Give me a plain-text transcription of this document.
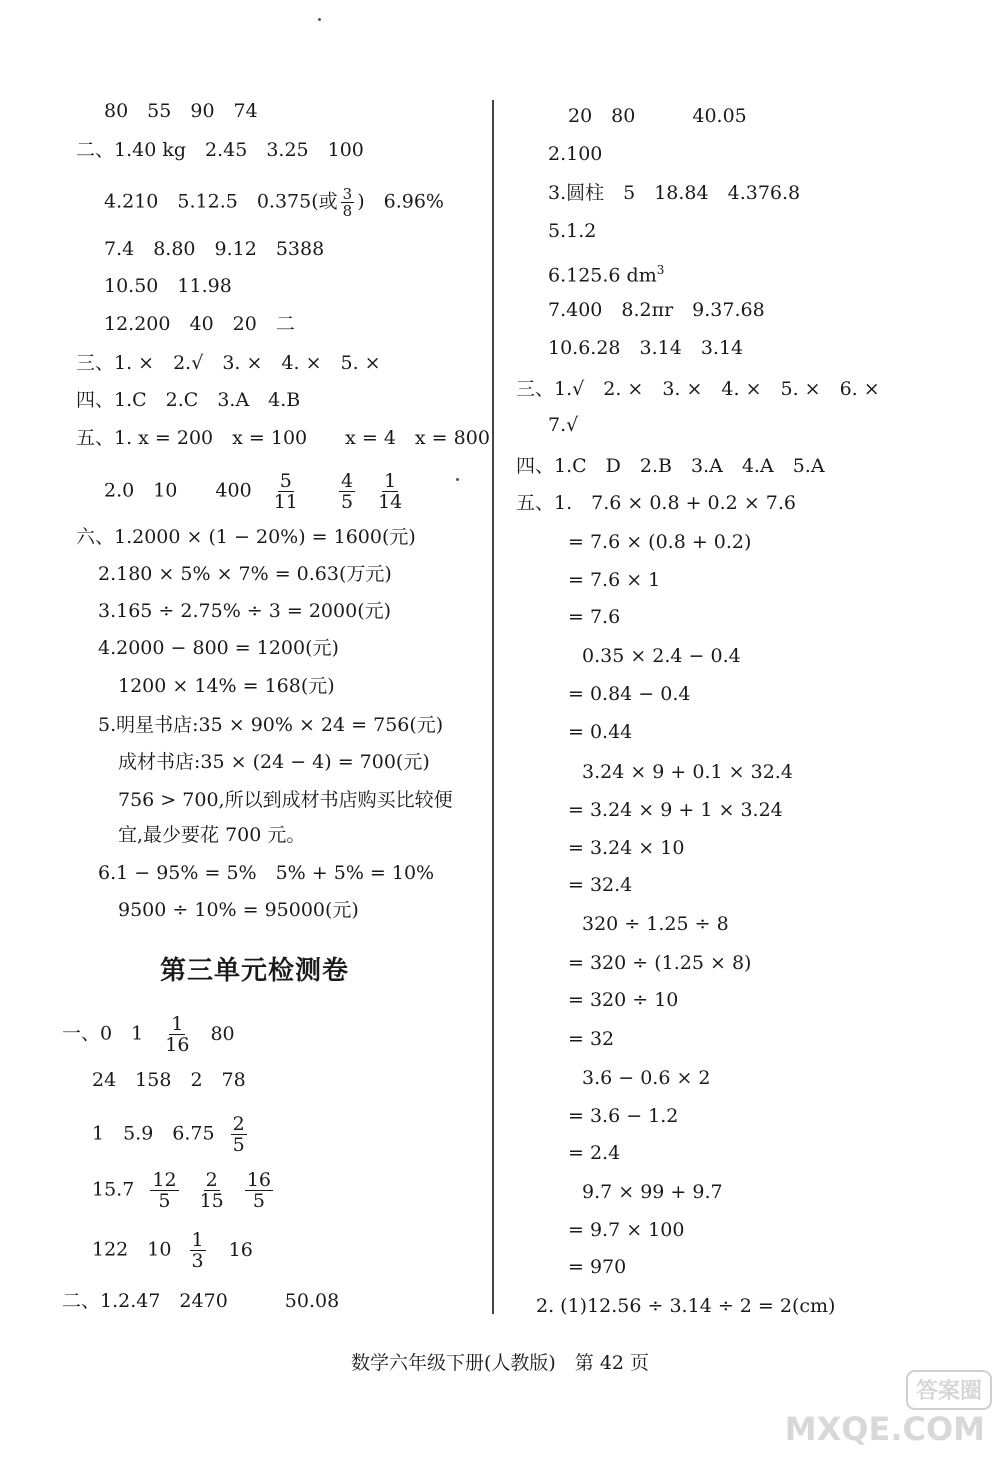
80　55　90　74
二、1.40 kg　2.45　3.25　100
4.210　5.12.5　0.375(或 $\frac{3}{8}$ )　6.96%
7.4　8.80　9.12　5388
10.50　11.98
12.200　40　20　二
三、1. ×　2.√　3. ×　4. ×　5. ×
四、1.C　2.C　3.A　4.B
五、1. x = 200　x = 100　　x = 4　x = 800
2.0　10　　$400 \frac{5}{11}$
$\frac{4}{5}$
$\frac{1}{14}$
六、1.2000 × (1 − 20%) = 1600(元)
2.180 × 5% × 7% = 0.63(万元)
3.165 ÷ 2.75% ÷ 3 = 2000(元)
4.2000 − 800 = 1200(元)
1200 × 14% = 168(元)
5.明星书店:35 × 90% × 24 = 756(元)
成材书店:35 × (24 − 4) = 700(元)
756 > 700,所以到成材书店购买比较便
宜,最少要花 700 元。
6.1 − 95% = 5%　5% + 5% = 10%
9500 ÷ 10% = 95000(元)
第三单元检测卷
一、0　$1 \frac{1}{16} 80$
24　158　2　78
1　5.9　$6.75 \frac{2}{5}$
$15.7 \frac{12}{5}$
$\frac{2}{15}$
$\frac{16}{5}$
122　$10 \frac{1}{3} 16$
二、1.2.47　2470　　　50.08
20　80　　　40.05
2.100
3.圆柱　5　18.84　4.376.8
5.1.2
6.125.6 $dm^3$
7.400　8.2πr　9.37.68
10.6.28　3.14　3.14
三、1.√　2. ×　3. ×　4. ×　5. ×　6. ×
7.√
四、1.C　D　2.B　3.A　4.A　5.A
五、1.　7.6 × 0.8 + 0.2 × 7.6
= 7.6 × (0.8 + 0.2)
= 7.6 × 1
= 7.6
0.35 × 2.4 − 0.4
= 0.84 − 0.4
= 0.44
3.24 × 9 + 0.1 × 32.4
= 3.24 × 9 + 1 × 3.24
= 3.24 × 10
= 32.4
320 ÷ 1.25 ÷ 8
= 320 ÷ (1.25 × 8)
= 320 ÷ 10
= 32
3.6 − 0.6 × 2
= 3.6 − 1.2
= 2.4
9.7 × 99 + 9.7
= 9.7 × 100
= 970
2. (1)12.56 ÷ 3.14 ÷ 2 = 2(cm)
数学六年级下册(人教版)　第 42 页
答案圈
MXQE.COM
